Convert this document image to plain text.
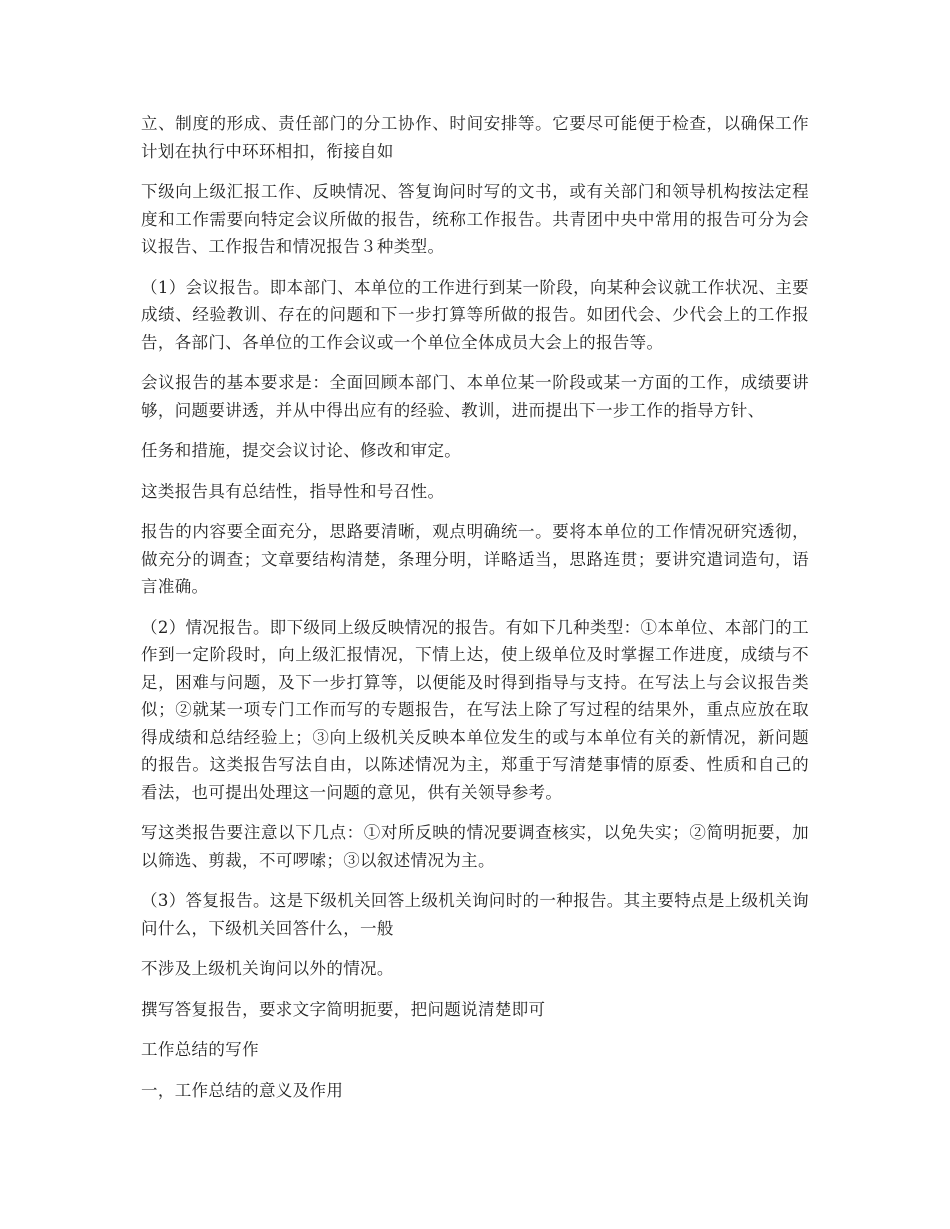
立、制度的形成、责任部门的分工协作、时间安排等。它要尽可能便于检查，以确保工作计划在执行中环环相扣，衔接自如

下级向上级汇报工作、反映情况、答复询问时写的文书，或有关部门和领导机构按法定程度和工作需要向特定会议所做的报告，统称工作报告。共青团中央中常用的报告可分为会议报告、工作报告和情况报告３种类型。

（1）会议报告。即本部门、本单位的工作进行到某一阶段，向某种会议就工作状况、主要成绩、经验教训、存在的问题和下一步打算等所做的报告。如团代会、少代会上的工作报告，各部门、各单位的工作会议或一个单位全体成员大会上的报告等。

会议报告的基本要求是：全面回顾本部门、本单位某一阶段或某一方面的工作，成绩要讲够，问题要讲透，并从中得出应有的经验、教训，进而提出下一步工作的指导方针、

任务和措施，提交会议讨论、修改和审定。

这类报告具有总结性，指导性和号召性。

报告的内容要全面充分，思路要清晰，观点明确统一。要将本单位的工作情况研究透彻，做充分的调查；文章要结构清楚，条理分明，详略适当，思路连贯；要讲究遣词造句，语言准确。

（2）情况报告。即下级同上级反映情况的报告。有如下几种类型：①本单位、本部门的工作到一定阶段时，向上级汇报情况，下情上达，使上级单位及时掌握工作进度，成绩与不足，困难与问题，及下一步打算等，以便能及时得到指导与支持。在写法上与会议报告类似；②就某一项专门工作而写的专题报告，在写法上除了写过程的结果外，重点应放在取得成绩和总结经验上；③向上级机关反映本单位发生的或与本单位有关的新情况，新问题的报告。这类报告写法自由，以陈述情况为主，郑重于写清楚事情的原委、性质和自己的看法，也可提出处理这一问题的意见，供有关领导参考。

写这类报告要注意以下几点：①对所反映的情况要调查核实，以免失实；②简明扼要，加以筛选、剪裁，不可啰嗦；③以叙述情况为主。

（3）答复报告。这是下级机关回答上级机关询问时的一种报告。其主要特点是上级机关询问什么，下级机关回答什么，一般

不涉及上级机关询问以外的情况。

撰写答复报告，要求文字简明扼要，把问题说清楚即可

工作总结的写作

一，工作总结的意义及作用
